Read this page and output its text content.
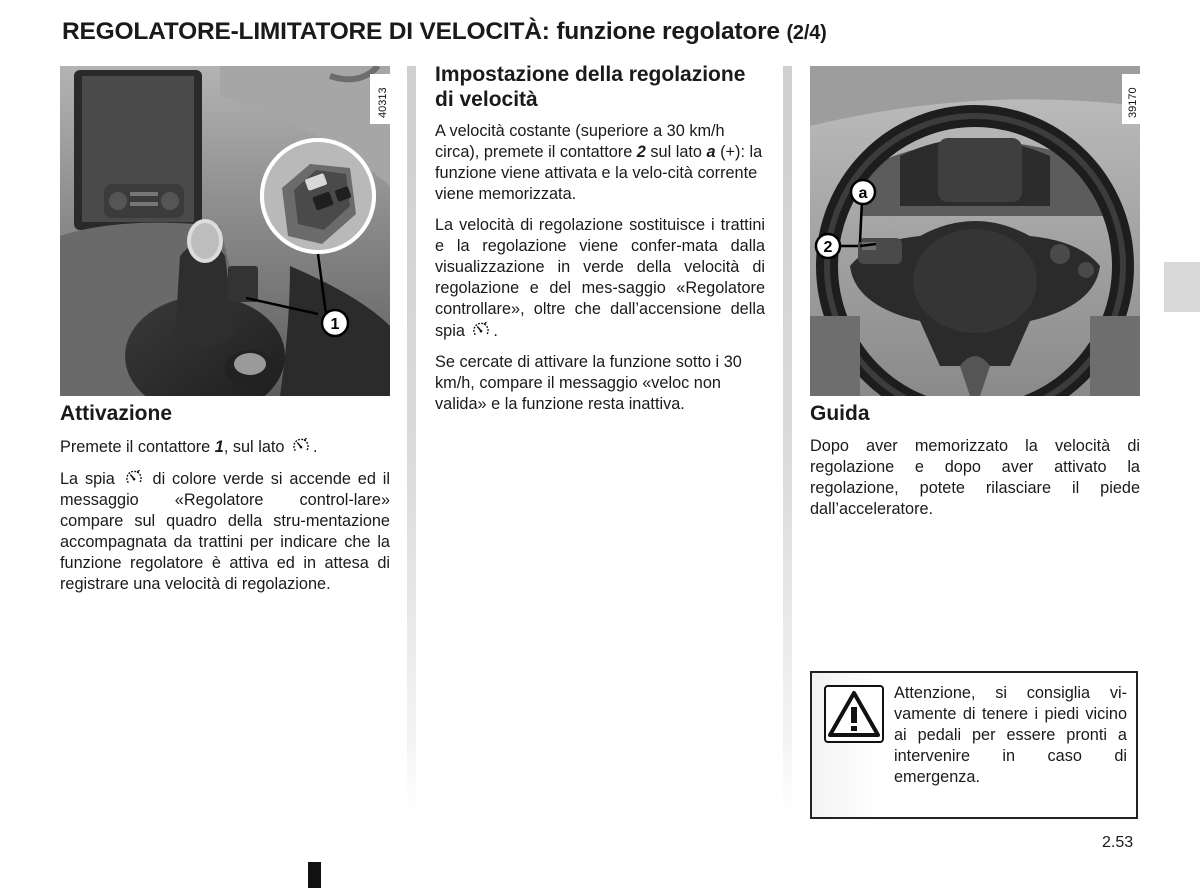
REGOLATORE-LIMITATORE DI VELOCITÀ: funzione regolatore (2/4)
1
40313
a
2
39170
Attivazione

Premete il contattore 1, sul lato .

La spia di colore verde si accende ed il messaggio «Regolatore control-lare» compare sul quadro della stru-mentazione accompagnata da trattini per indicare che la funzione regolatore è attiva ed in attesa di registrare una velocità di regolazione.

Impostazione della regolazione di velocità

A velocità costante (superiore a 30 km/h circa), premete il contattore 2 sul lato a (+): la funzione viene attivata e la velo-cità corrente viene memorizzata.

La velocità di regolazione sostituisce i trattini e la regolazione viene confer-mata dalla visualizzazione in verde della velocità di regolazione e del mes-saggio «Regolatore controllare», oltre che dall’accensione della spia .

Se cercate di attivare la funzione sotto i 30 km/h, compare il messaggio «veloc non valida» e la funzione resta inattiva.	Guida

Dopo aver memorizzato la velocità di regolazione e dopo aver attivato la regolazione, potete rilasciare il piede dall’acceleratore.

Attenzione, si consiglia vi-vamente di tenere i piedi vicino ai pedali per essere pronti a intervenire in caso di emergenza.
2.53
